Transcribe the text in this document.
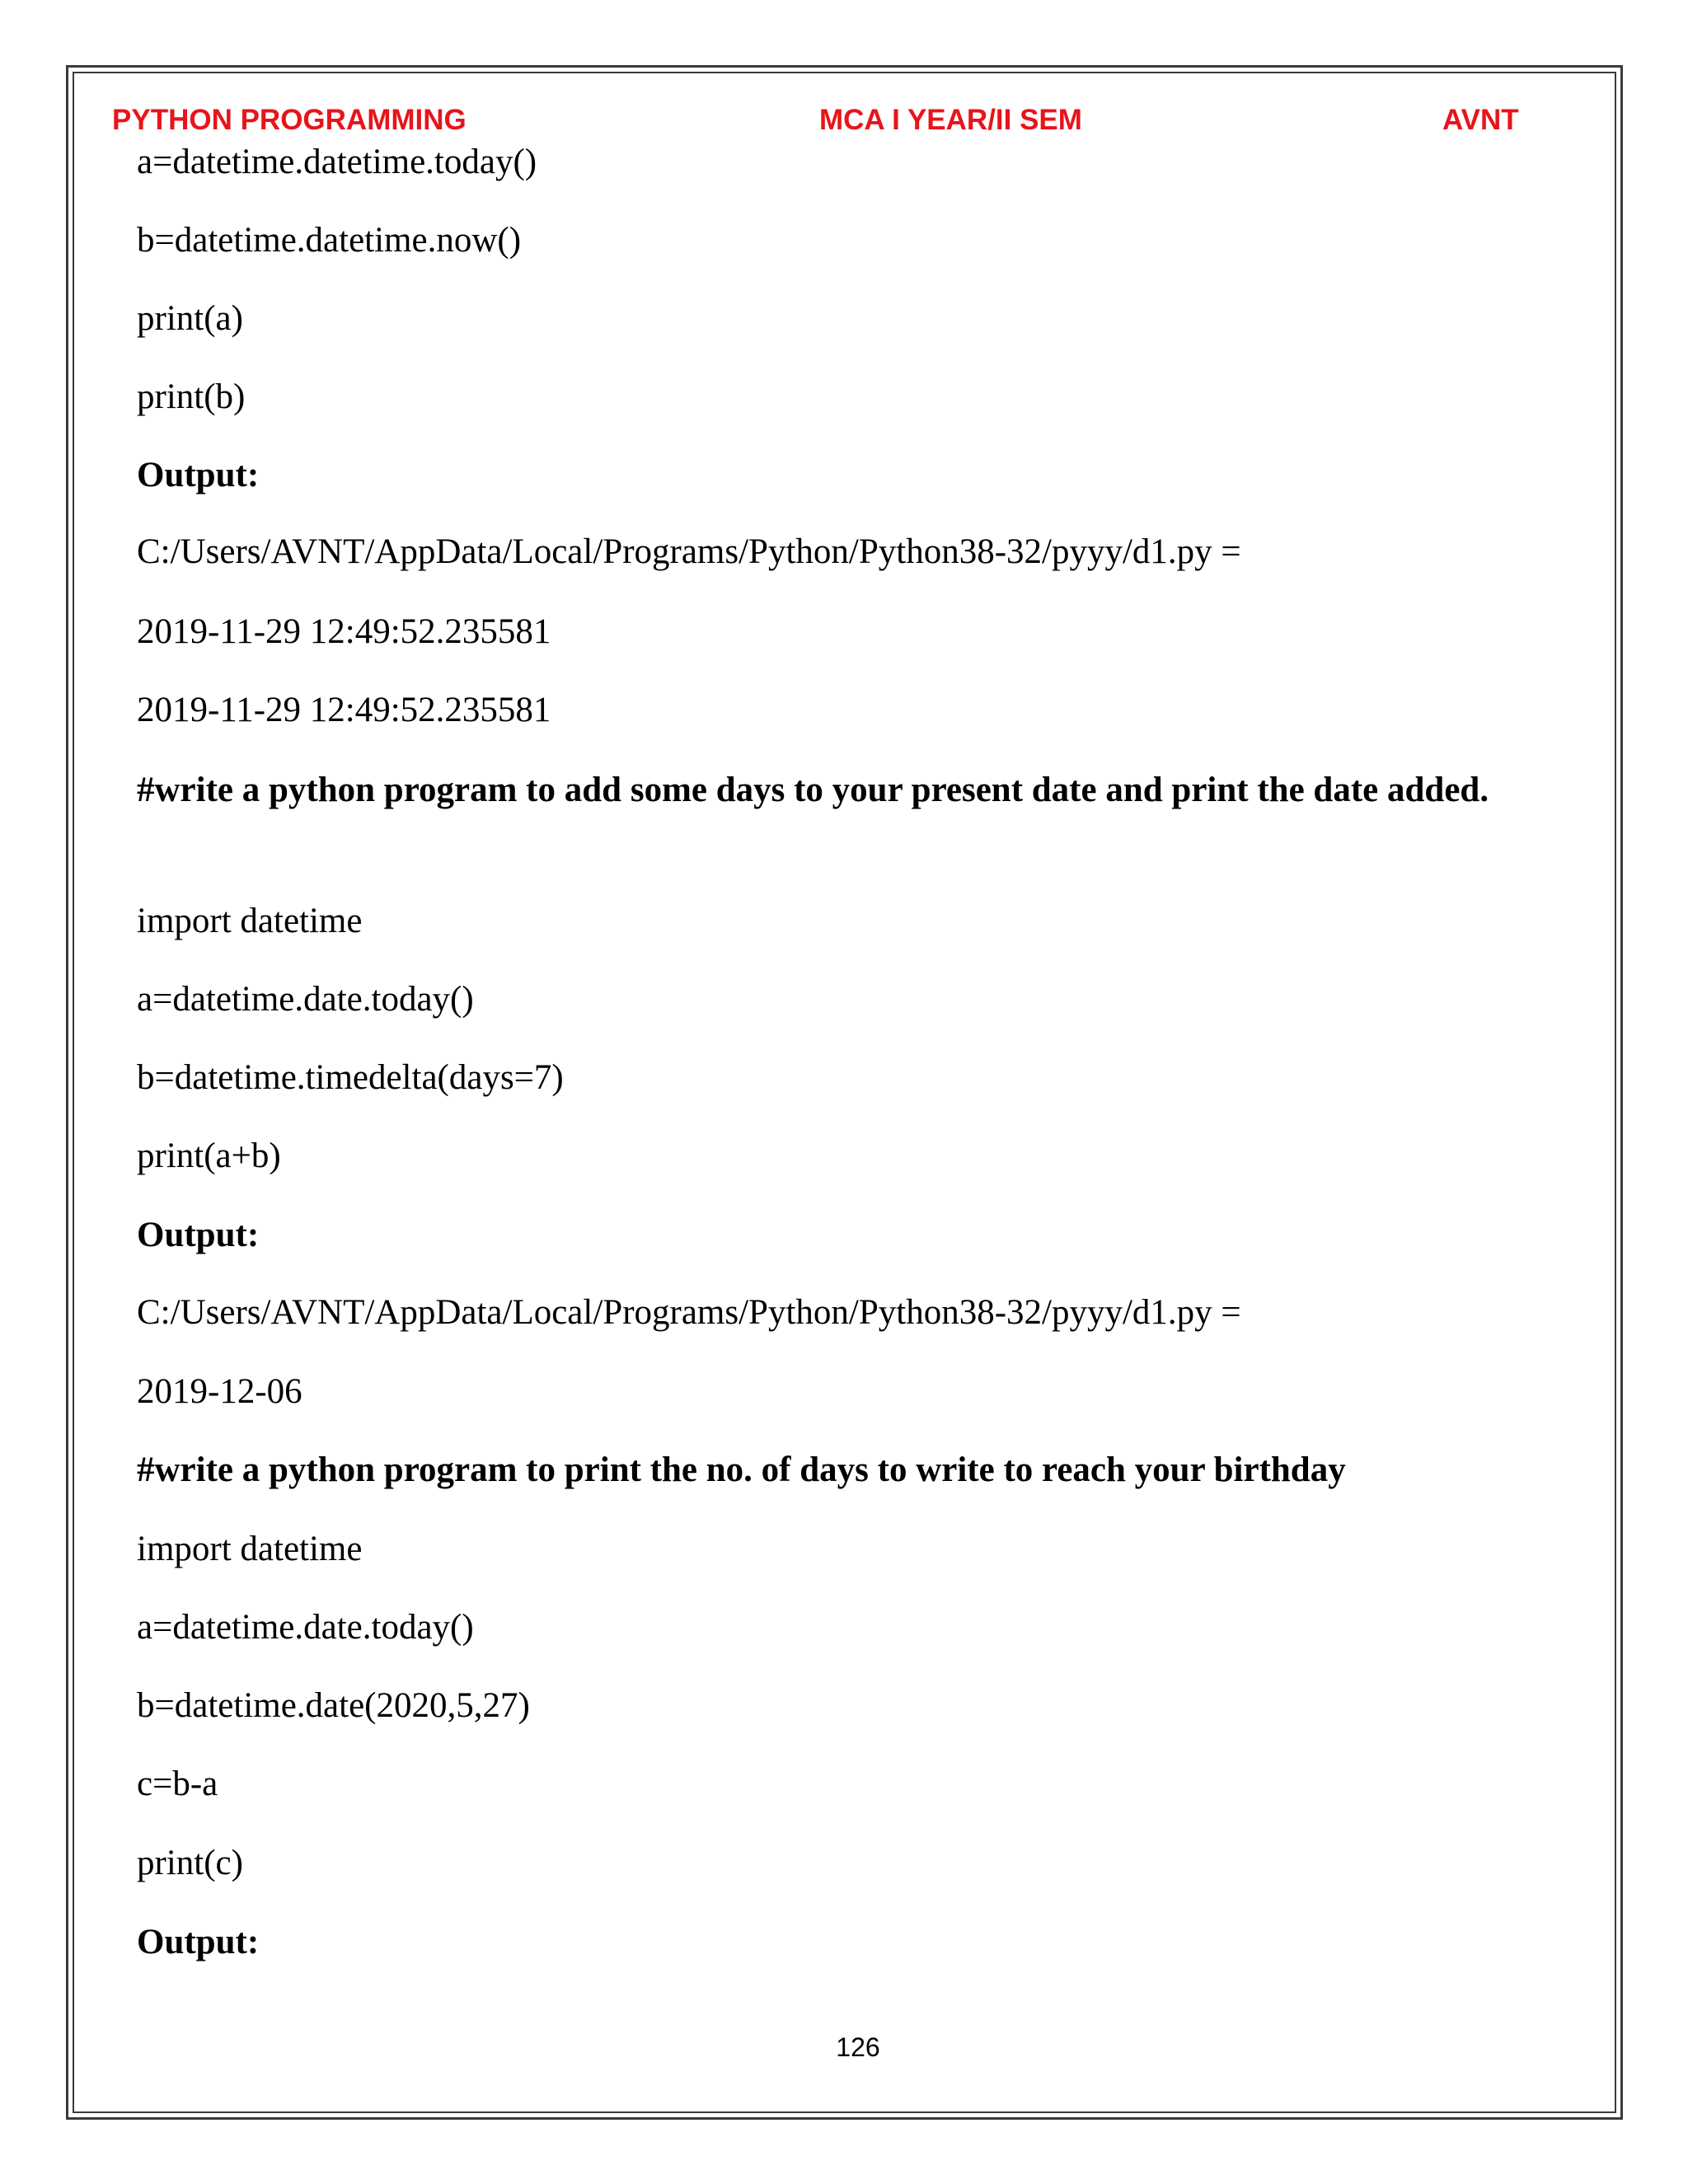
PYTHON PROGRAMMING	MCA I YEAR/II SEM	AVNT
a=datetime.datetime.today()
b=datetime.datetime.now()
print(a)
print(b)
Output:
C:/Users/AVNT/AppData/Local/Programs/Python/Python38-32/pyyy/d1.py =
2019-11-29 12:49:52.235581
2019-11-29 12:49:52.235581
#write a python program to add some days to your present date and print the date added.
import datetime
a=datetime.date.today()
b=datetime.timedelta(days=7)
print(a+b)
Output:
C:/Users/AVNT/AppData/Local/Programs/Python/Python38-32/pyyy/d1.py =
2019-12-06
#write a python program to print the no. of days to write to reach your birthday
import datetime
a=datetime.date.today()
b=datetime.date(2020,5,27)
c=b-a
print(c)
Output:
126
